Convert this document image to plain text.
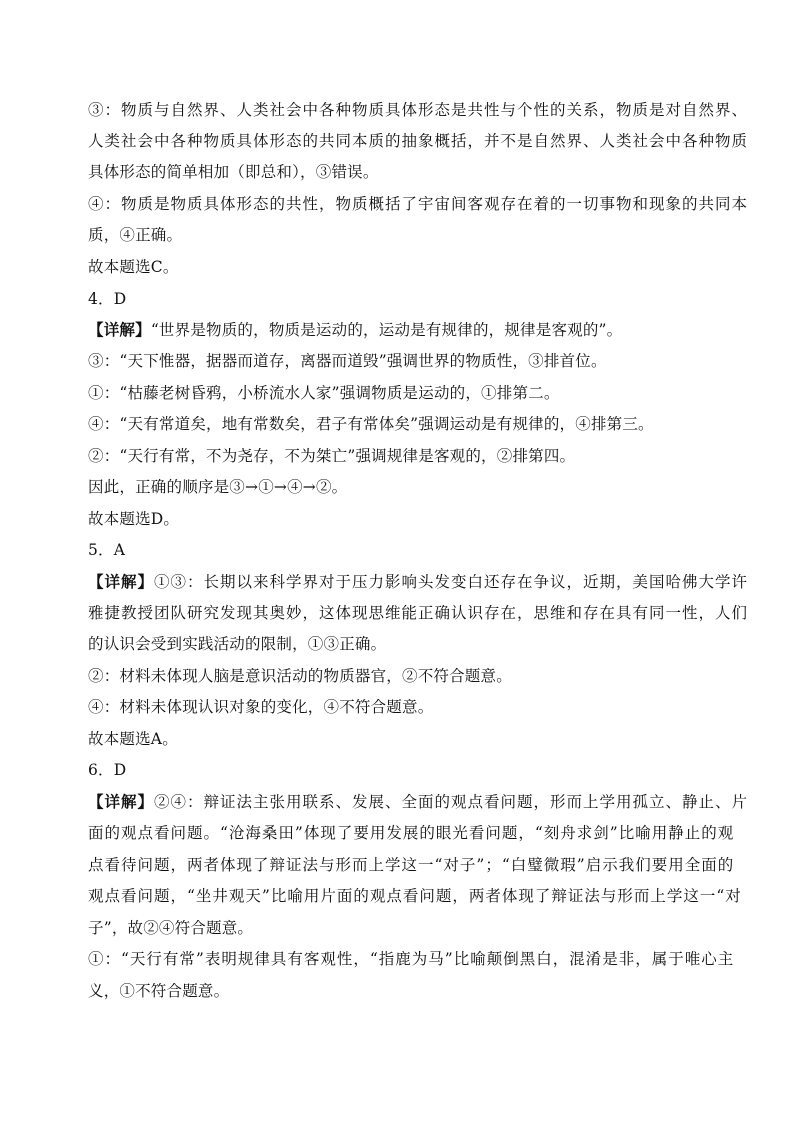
③：物质与自然界、人类社会中各种物质具体形态是共性与个性的关系，物质是对自然界、
人类社会中各种物质具体形态的共同本质的抽象概括，并不是自然界、人类社会中各种物质
具体形态的简单相加（即总和），③错误。
④：物质是物质具体形态的共性，物质概括了宇宙间客观存在着的一切事物和现象的共同本
质，④正确。
故本题选C。
4．D
【详解】“世界是物质的，物质是运动的，运动是有规律的，规律是客观的”。
③：“天下惟器，据器而道存，离器而道毁”强调世界的物质性，③排首位。
①：“枯藤老树昏鸦，小桥流水人家”强调物质是运动的，①排第二。
④：“天有常道矣，地有常数矣，君子有常体矣”强调运动是有规律的，④排第三。
②：“天行有常，不为尧存，不为桀亡”强调规律是客观的，②排第四。
因此，正确的顺序是③→①→④→②。
故本题选D。
5．A
【详解】①③：长期以来科学界对于压力影响头发变白还存在争议，近期，美国哈佛大学许
雅捷教授团队研究发现其奥妙，这体现思维能正确认识存在，思维和存在具有同一性，人们
的认识会受到实践活动的限制，①③正确。
②：材料未体现人脑是意识活动的物质器官，②不符合题意。
④：材料未体现认识对象的变化，④不符合题意。
故本题选A。
6．D
【详解】②④：辩证法主张用联系、发展、全面的观点看问题，形而上学用孤立、静止、片
面的观点看问题。“沧海桑田”体现了要用发展的眼光看问题，“刻舟求剑”比喻用静止的观
点看待问题，两者体现了辩证法与形而上学这一“对子”；“白璧微瑕”启示我们要用全面的
观点看问题，“坐井观天”比喻用片面的观点看问题，两者体现了辩证法与形而上学这一“对
子”，故②④符合题意。
①：“天行有常”表明规律具有客观性，“指鹿为马”比喻颠倒黑白，混淆是非，属于唯心主
义，①不符合题意。
